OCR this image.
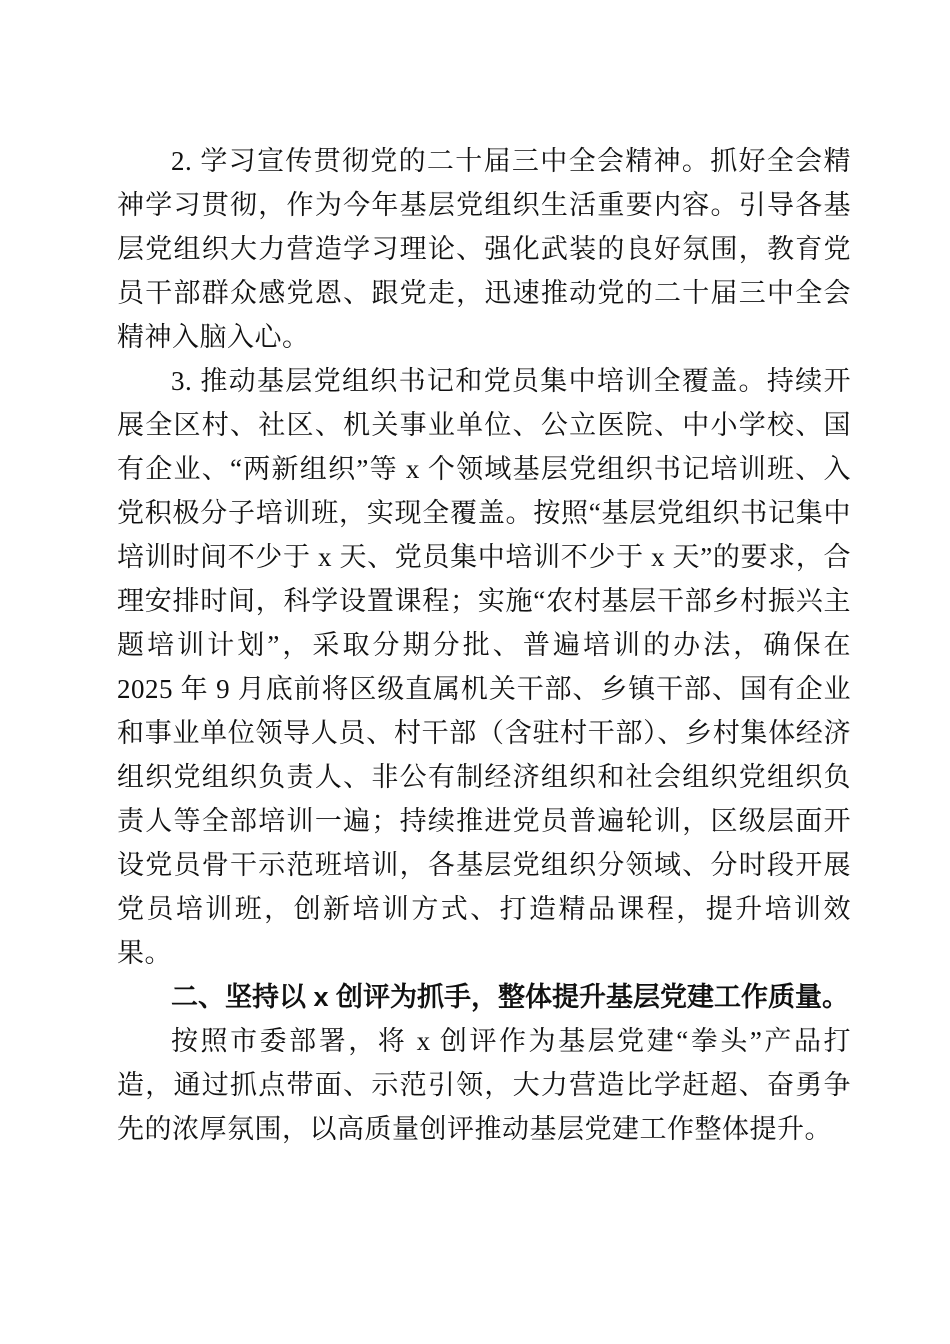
2. 学习宣传贯彻党的二十届三中全会精神。抓好全会精神学习贯彻，作为今年基层党组织生活重要内容。引导各基层党组织大力营造学习理论、强化武装的良好氛围，教育党员干部群众感党恩、跟党走，迅速推动党的二十届三中全会精神入脑入心。

3. 推动基层党组织书记和党员集中培训全覆盖。持续开展全区村、社区、机关事业单位、公立医院、中小学校、国有企业、“两新组织”等 x 个领域基层党组织书记培训班、入党积极分子培训班，实现全覆盖。按照“基层党组织书记集中培训时间不少于 x 天、党员集中培训不少于 x 天”的要求，合理安排时间，科学设置课程；实施“农村基层干部乡村振兴主题培训计划”，采取分期分批、普遍培训的办法，确保在 2025 年 9 月底前将区级直属机关干部、乡镇干部、国有企业和事业单位领导人员、村干部（含驻村干部）、乡村集体经济组织党组织负责人、非公有制经济组织和社会组织党组织负责人等全部培训一遍；持续推进党员普遍轮训，区级层面开设党员骨干示范班培训，各基层党组织分领域、分时段开展党员培训班，创新培训方式、打造精品课程，提升培训效果。

二、坚持以 x 创评为抓手，整体提升基层党建工作质量。

按照市委部署，将 x 创评作为基层党建“拳头”产品打造，通过抓点带面、示范引领，大力营造比学赶超、奋勇争先的浓厚氛围，以高质量创评推动基层党建工作整体提升。
